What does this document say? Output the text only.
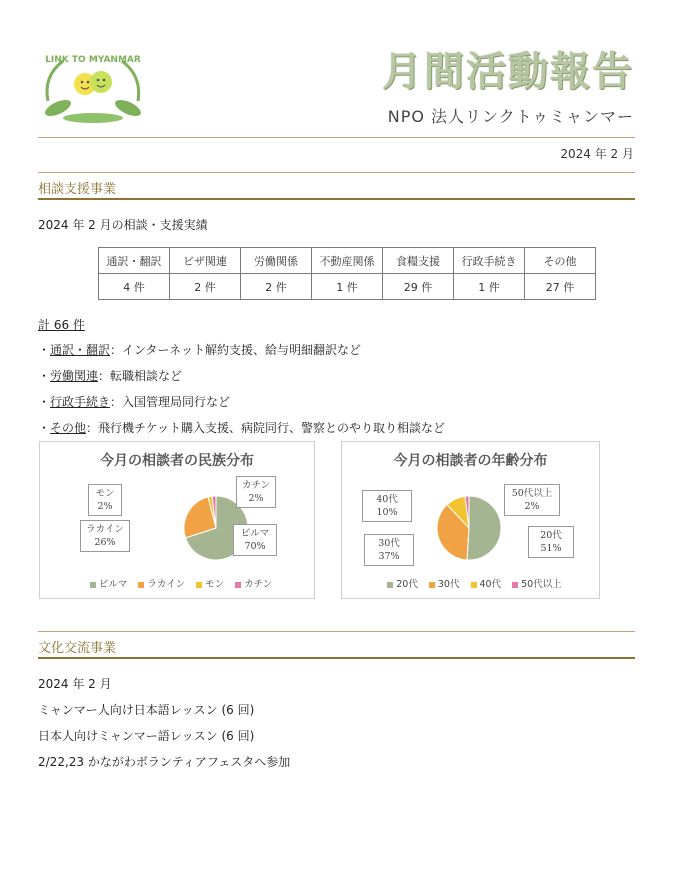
LINK TO MYANMAR	月間活動報告
NPO 法人リンクトゥミャンマー
2024 年 2 月
相談支援事業
2024 年 2 月の相談・支援実績
通訳・翻訳	ビザ関連	労働関係	不動産関係	食糧支援	行政手続き	その他
4 件	2 件	2 件	1 件	29 件	1 件	27 件
計 66 件
・通訳・翻訳：インターネット解約支援、給与明細翻訳など
・労働関連：転職相談など
・行政手続き：入国管理局同行など
・その他：飛行機チケット購入支援、病院同行、警察とのやり取り相談など
今月の相談者の民族分布
カチン
2%
モン
2%
ラカイン
26%
ビルマ
70%
ビルマ ラカイン モン カチン
今月の相談者の年齢分布
50代以上
2%
40代
10%
30代
37%
20代
51%
20代 30代 40代 50代以上
文化交流事業
2024 年 2 月
ミャンマー人向け日本語レッスン (6 回)
日本人向けミャンマー語レッスン (6 回)
2/22,23 かながわボランティアフェスタへ参加
